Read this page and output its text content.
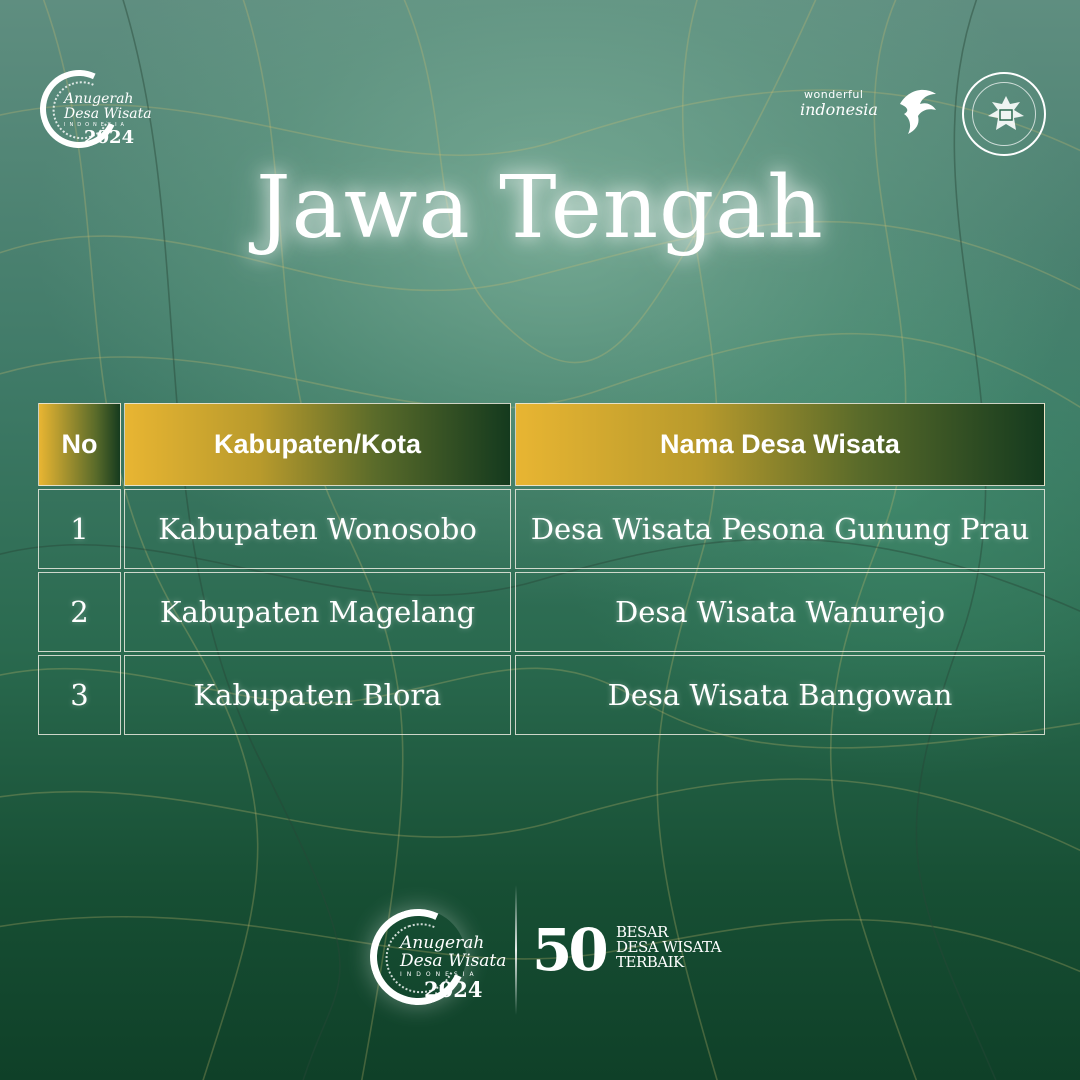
Anugerah
Desa Wisata
INDONESIA
2024
wonderful
indonesia
Jawa Tengah
No	Kabupaten/Kota	Nama Desa Wisata
1	Kabupaten Wonosobo	Desa Wisata Pesona Gunung Prau
2	Kabupaten Magelang	Desa Wisata Wanurejo
3	Kabupaten Blora	Desa Wisata Bangowan
Anugerah
Desa Wisata
INDONESIA
2024
50 BESAR
DESA WISATA
TERBAIK
